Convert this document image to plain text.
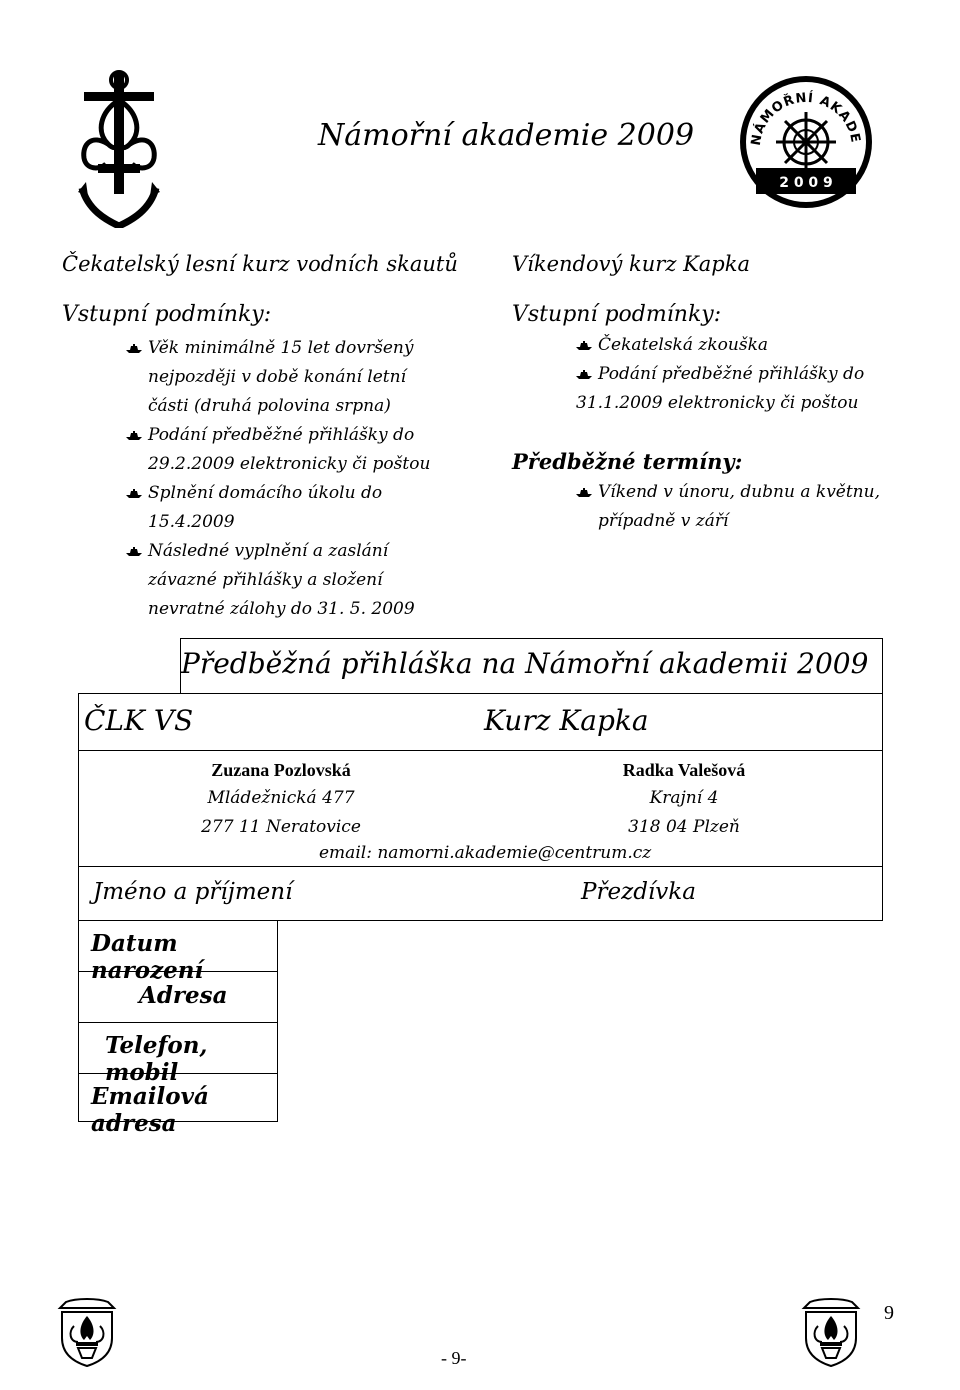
Námořní akademie 2009	NÁMOŘNÍ AKADE
2 0 0 9
Čekatelský lesní kurz vodních skautů
Vstupní podmínky:
Věk minimálně 15 let dovršený
nejpozději v době konání letní
části (druhá polovina srpna)
Podání předběžné přihlášky do
29.2.2009 elektronicky či poštou
Splnění domácího úkolu do
15.4.2009
Následné vyplnění a zaslání
závazné přihlášky a složení
nevratné zálohy do 31. 5. 2009
Víkendový kurz Kapka
Vstupní podmínky:
Čekatelská zkouška
Podání předběžné přihlášky do
31.1.2009 elektronicky či poštou
Předběžné termíny:
Víkend v únoru, dubnu a květnu,
případně v září
Předběžná přihláška na Námořní akademii 2009
ČLK VS	Kurz Kapka
Zuzana Pozlovská
Mládežnická 477
277 11 Neratovice
Radka Valešová
Krajní 4
318 04 Plzeň
email: namorni.akademie@centrum.cz
Jméno a příjmení	Přezdívka
Datum narození
Adresa
Telefon, mobil
Emailová adresa
- 9-
9
